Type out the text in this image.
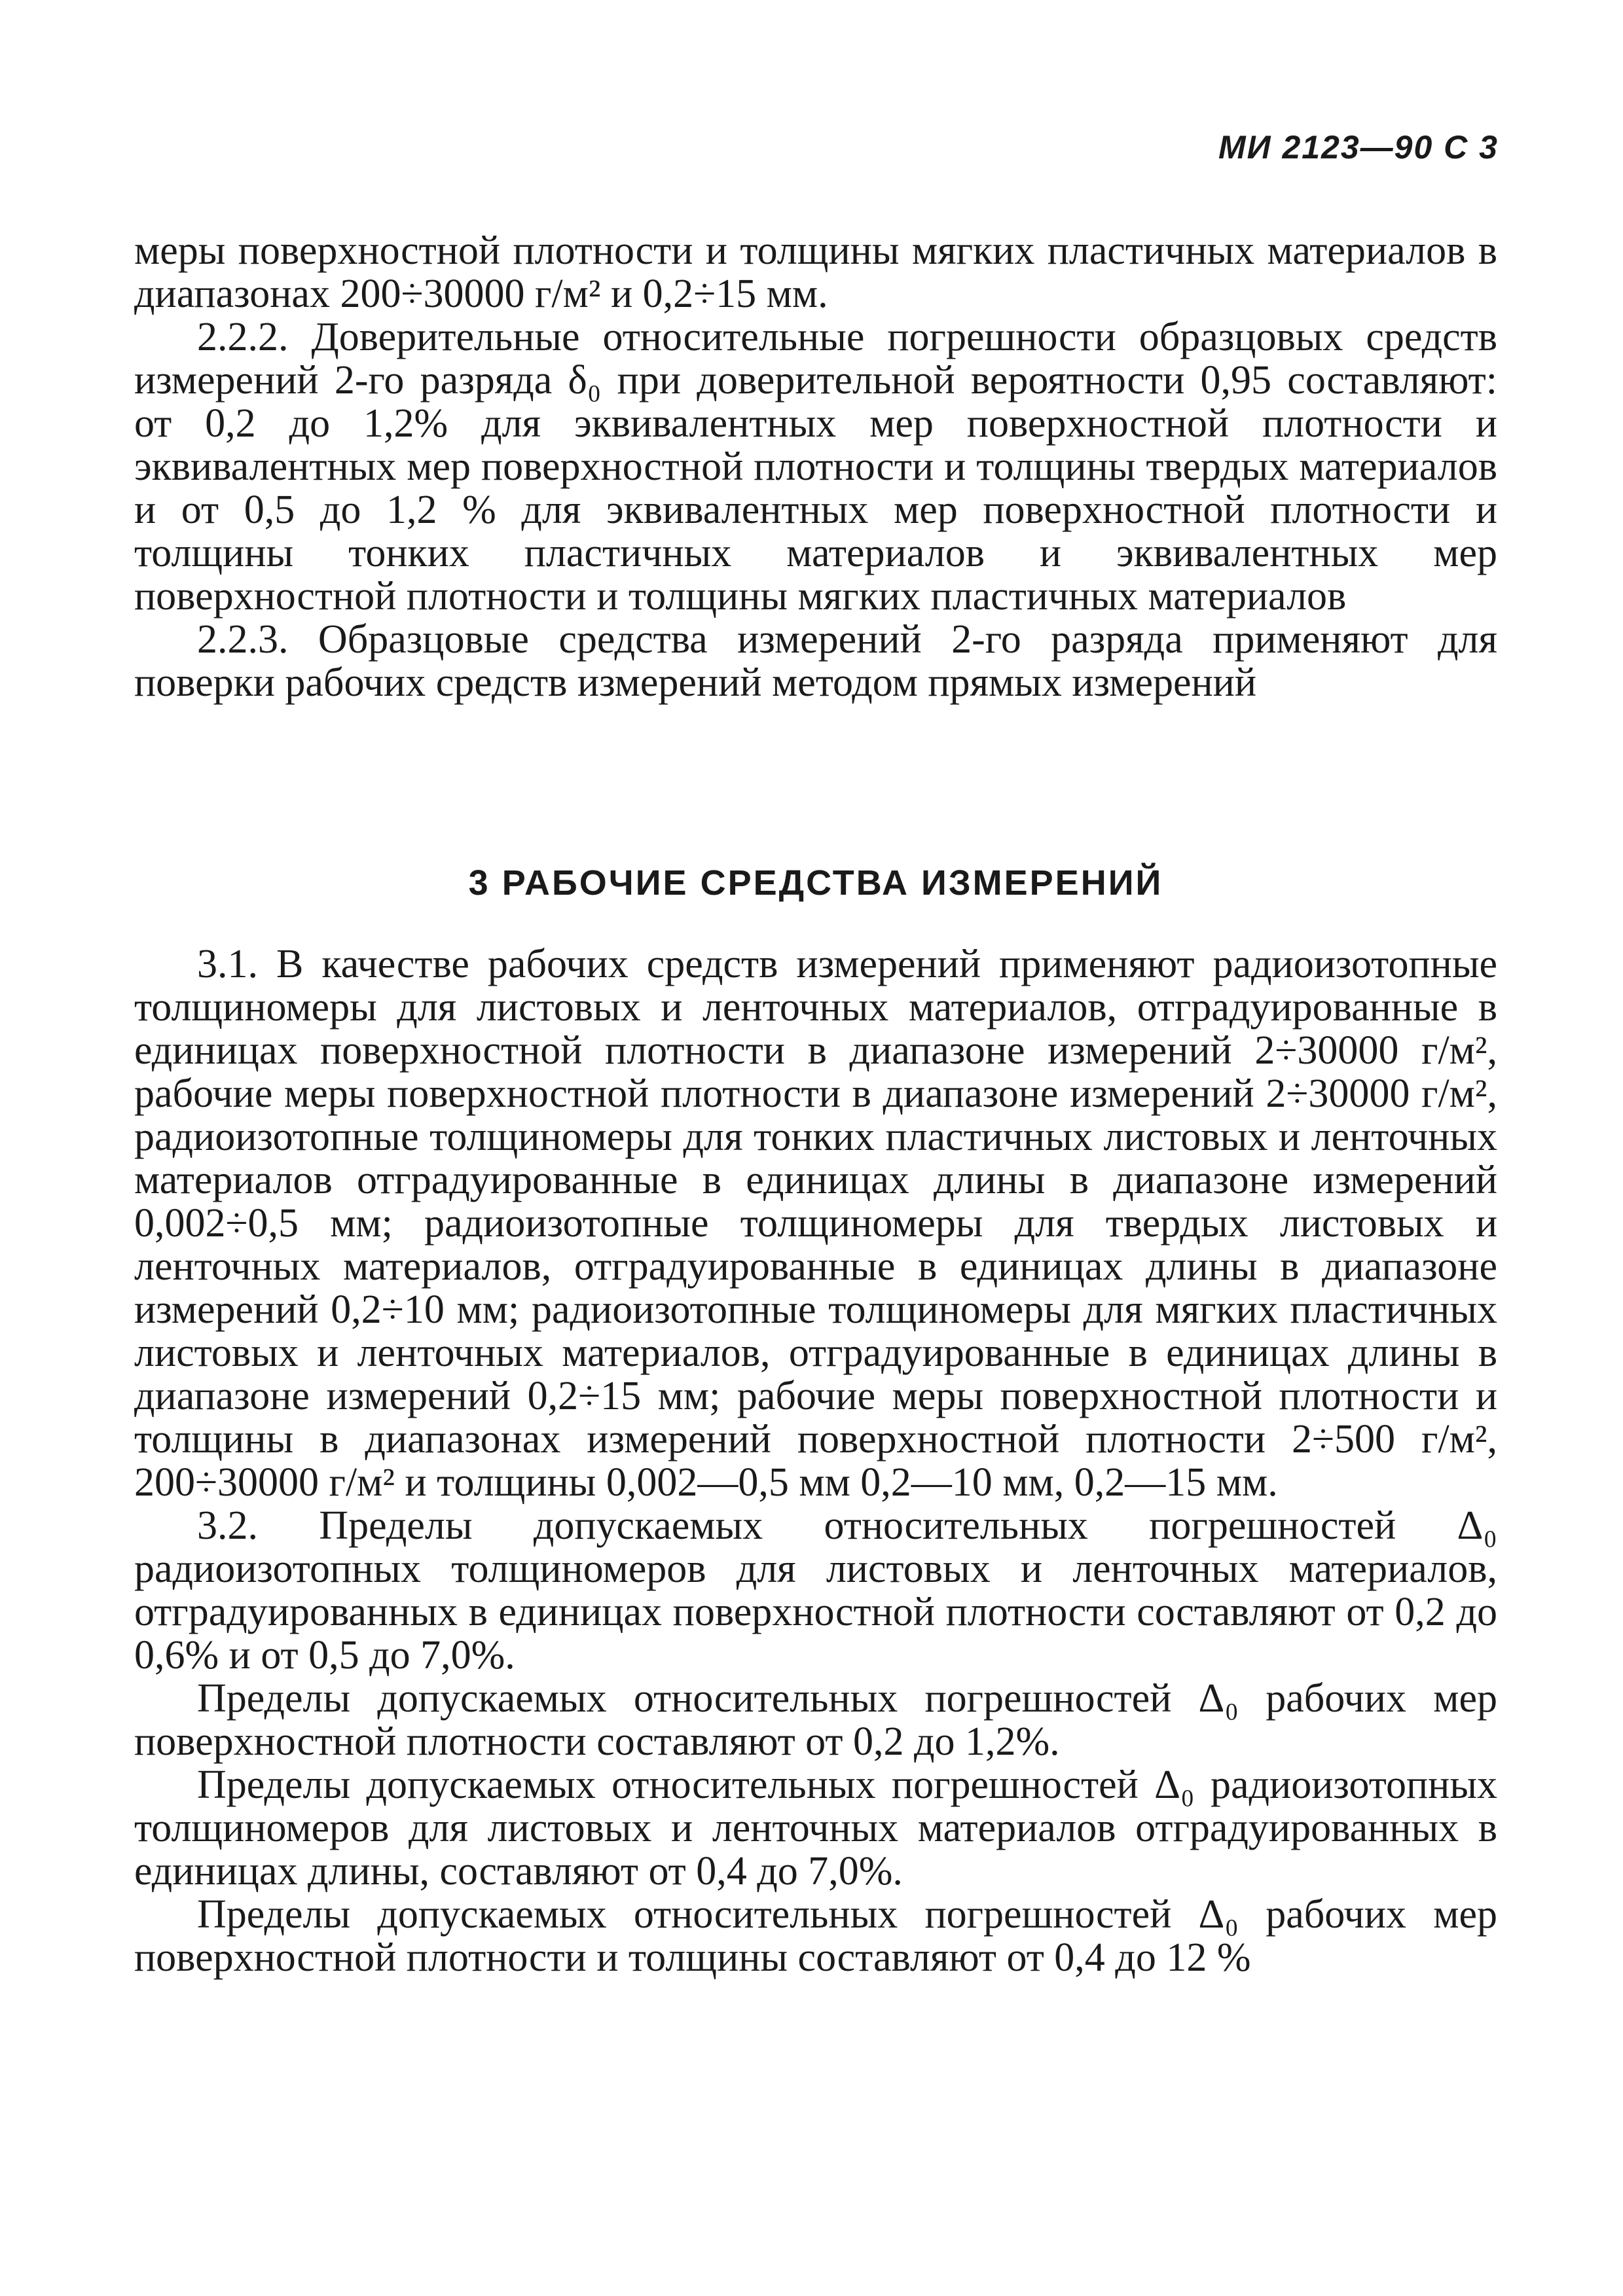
МИ 2123—90 С 3

меры поверхностной плотности и толщины мягких пластичных материалов в диапазонах 200÷30000 г/м² и 0,2÷15 мм.

2.2.2. Доверительные относительные погрешности образцовых средств измерений 2-го разряда δ₀ при доверительной вероятности 0,95 составляют: от 0,2 до 1,2% для эквивалентных мер поверхностной плотности и эквивалентных мер поверхностной плотности и толщины твердых материалов и от 0,5 до 1,2 % для эквивалентных мер поверхностной плотности и толщины тонких пластичных материалов и эквивалентных мер поверхностной плотности и толщины мягких пластичных материалов

2.2.3. Образцовые средства измерений 2-го разряда применяют для поверки рабочих средств измерений методом прямых измерений

3 РАБОЧИЕ СРЕДСТВА ИЗМЕРЕНИЙ

3.1. В качестве рабочих средств измерений применяют радиоизотопные толщиномеры для листовых и ленточных материалов, отградуированные в единицах поверхностной плотности в диапазоне измерений 2÷30000 г/м², рабочие меры поверхностной плотности в диапазоне измерений 2÷30000 г/м², радиоизотопные толщиномеры для тонких пластичных листовых и ленточных материалов отградуированные в единицах длины в диапазоне измерений 0,002÷0,5 мм; радиоизотопные толщиномеры для твердых листовых и ленточных материалов, отградуированные в единицах длины в диапазоне измерений 0,2÷10 мм; радиоизотопные толщиномеры для мягких пластичных листовых и ленточных материалов, отградуированные в единицах длины в диапазоне измерений 0,2÷15 мм; рабочие меры поверхностной плотности и толщины в диапазонах измерений поверхностной плотности 2÷500 г/м², 200÷30000 г/м² и толщины 0,002—0,5 мм 0,2—10 мм, 0,2—15 мм.

3.2. Пределы допускаемых относительных погрешностей Δ₀ радиоизотопных толщиномеров для листовых и ленточных материалов, отградуированных в единицах поверхностной плотности составляют от 0,2 до 0,6% и от 0,5 до 7,0%.

Пределы допускаемых относительных погрешностей Δ₀ рабочих мер поверхностной плотности составляют от 0,2 до 1,2%.

Пределы допускаемых относительных погрешностей Δ₀ радиоизотопных толщиномеров для листовых и ленточных материалов отградуированных в единицах длины, составляют от 0,4 до 7,0%.

Пределы допускаемых относительных погрешностей Δ₀ рабочих мер поверхностной плотности и толщины составляют от 0,4 до 12 %
